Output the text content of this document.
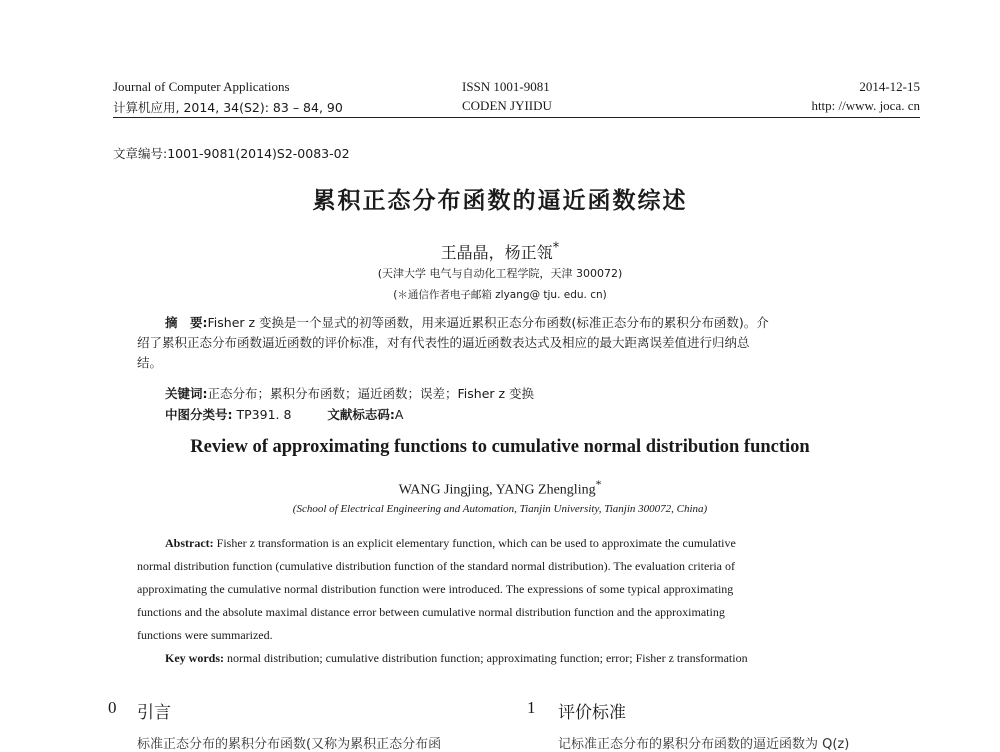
Journal of Computer Applications
计算机应用, 2014, 34(S2): 83 – 84, 90
ISSN 1001-9081
CODEN JYIIDU
2014-12-15
http: //www. joca. cn
文章编号:1001-9081(2014)S2-0083-02
累积正态分布函数的逼近函数综述
王晶晶，杨正瓴*
(天津大学 电气与自动化工程学院，天津 300072)
(＊通信作者电子邮箱 zlyang@ tju. edu. cn)
摘　要:Fisher z 变换是一个显式的初等函数，用来逼近累积正态分布函数(标准正态分布的累积分布函数)。介
绍了累积正态分布函数逼近函数的评价标准，对有代表性的逼近函数表达式及相应的最大距离误差值进行归纳总
结。
关键词:正态分布；累积分布函数；逼近函数；误差；Fisher z 变换
中图分类号: TP391. 8	文献标志码:A
Review of approximating functions to cumulative normal distribution function
WANG Jingjing, YANG Zhengling*
(School of Electrical Engineering and Automation, Tianjin University, Tianjin 300072, China)
Abstract: Fisher z transformation is an explicit elementary function, which can be used to approximate the cumulative
normal distribution function (cumulative distribution function of the standard normal distribution). The evaluation criteria of
approximating the cumulative normal distribution function were introduced. The expressions of some typical approximating
functions and the absolute maximal distance error between cumulative normal distribution function and the approximating
functions were summarized.
Key words: normal distribution; cumulative distribution function; approximating function; error; Fisher z transformation
0 引言	1 评价标准
标准正态分布的累积分布函数(又称为累积正态分布函	记标准正态分布的累积分布函数的逼近函数为 Q(z)
